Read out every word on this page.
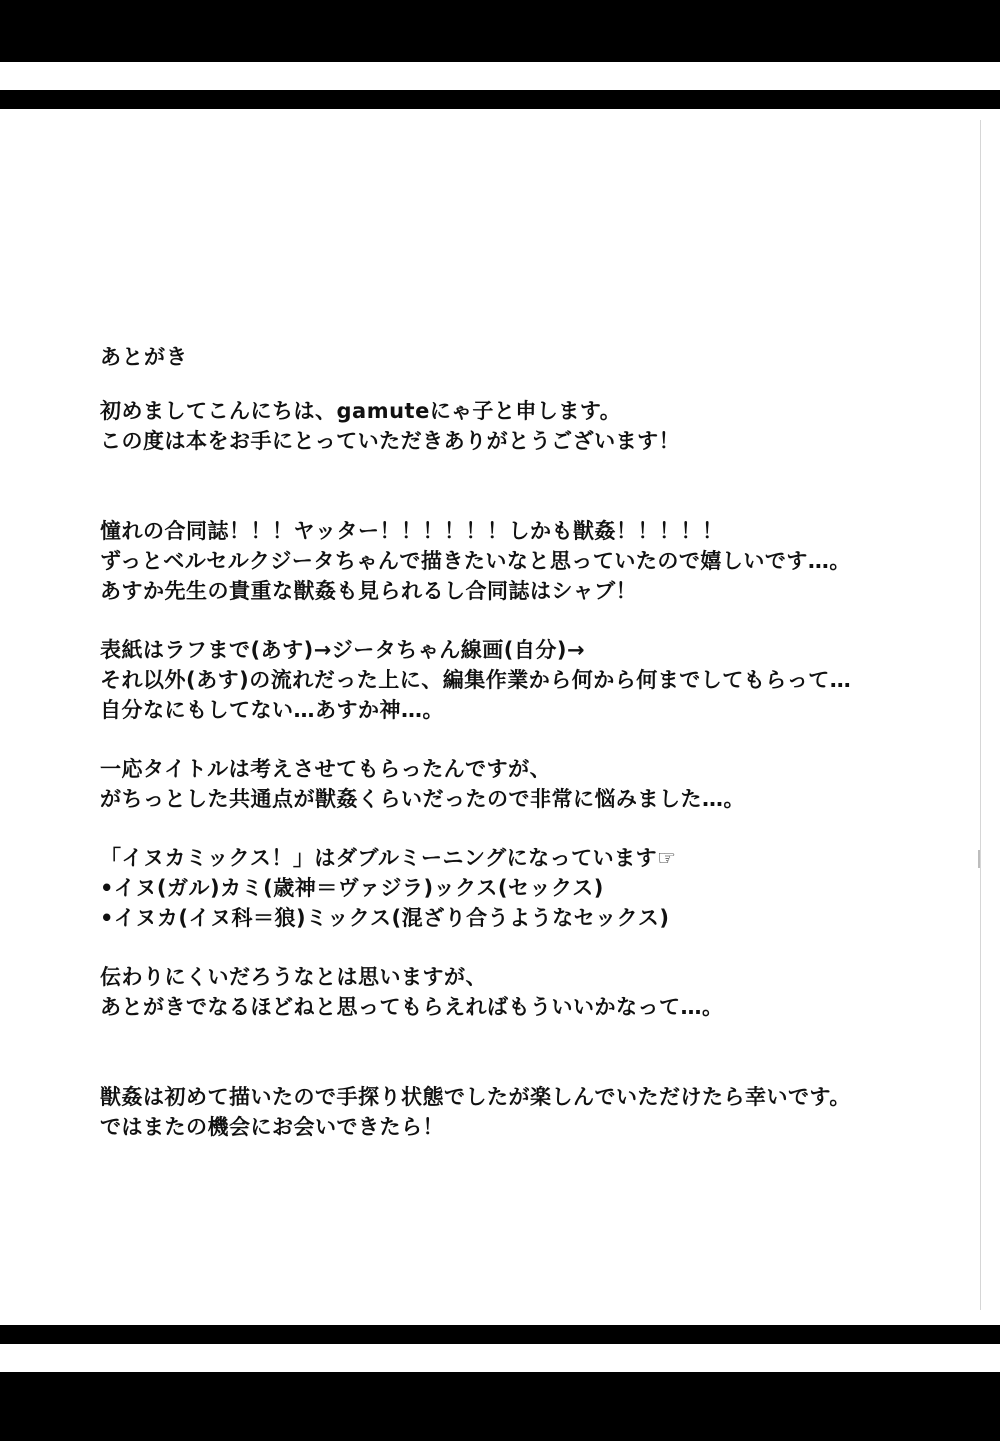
あとがき
初めましてこんにちは、gamuteにゃ子と申します。
この度は本をお手にとっていただきありがとうございます！
憧れの合同誌！！！ヤッター！！！！！！しかも獣姦！！！！！
ずっとベルセルクジータちゃんで描きたいなと思っていたので嬉しいです…。
あすか先生の貴重な獣姦も見られるし合同誌はシャブ！
表紙はラフまで(あす)→ジータちゃん線画(自分)→
それ以外(あす)の流れだった上に、編集作業から何から何までしてもらって…
自分なにもしてない…あすか神…。
一応タイトルは考えさせてもらったんですが、
がちっとした共通点が獣姦くらいだったので非常に悩みました…。
「イヌカミックス！」はダブルミーニングになっています☞
•イヌ(ガル)カミ(歳神＝ヴァジラ)ックス(セックス)
•イヌカ(イヌ科＝狼)ミックス(混ざり合うようなセックス)
伝わりにくいだろうなとは思いますが、
あとがきでなるほどねと思ってもらえればもういいかなって…。
獣姦は初めて描いたので手探り状態でしたが楽しんでいただけたら幸いです。
ではまたの機会にお会いできたら！
